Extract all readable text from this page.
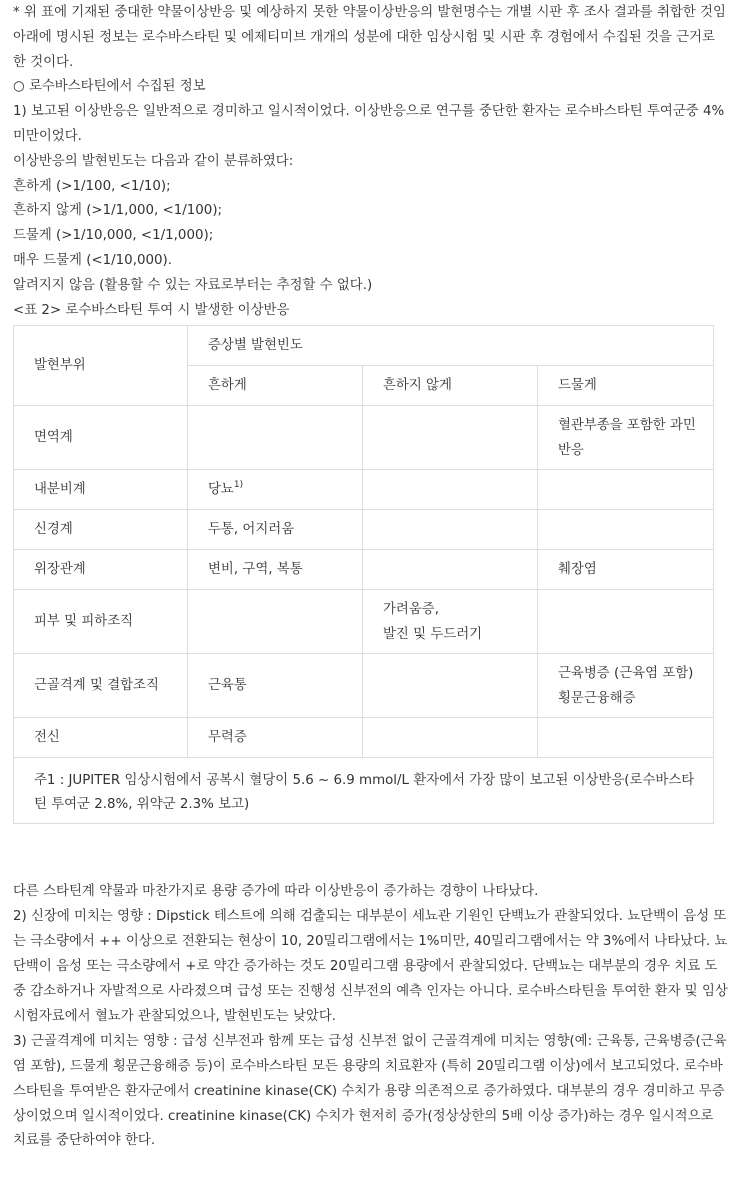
* 위 표에 기재된 중대한 약물이상반응 및 예상하지 못한 약물이상반응의 발현명수는 개별 시판 후 조사 결과를 취합한 것임

아래에 명시된 정보는 로수바스타틴 및 에제티미브 개개의 성분에 대한 임상시험 및 시판 후 경험에서 수집된 것을 근거로 한 것이다.

○ 로수바스타틴에서 수집된 정보

1) 보고된 이상반응은 일반적으로 경미하고 일시적이었다. 이상반응으로 연구를 중단한 환자는 로수바스타틴 투여군중 4% 미만이었다.

이상반응의 발현빈도는 다음과 같이 분류하였다:

흔하게 (>1/100, <1/10);

흔하지 않게 (>1/1,000, <1/100);

드물게 (>1/10,000, <1/1,000);

매우 드물게 (<1/10,000).

알려지지 않음 (활용할 수 있는 자료로부터는 추정할 수 없다.)

<표 2> 로수바스타틴 투여 시 발생한 이상반응

발현부위	증상별 발현빈도		
	흔하게	흔하지 않게	드물게
면역계			혈관부종을 포함한 과민반응
내분비계	당뇨$^{1)}$		
신경계	두통, 어지러움		
위장관계	변비, 구역, 복통		췌장염
피부 및 피하조직		가려움증,
발진 및 두드러기	
근골격계 및 결합조직	근육통		근육병증 (근육염 포함)
횡문근융해증
전신	무력증		
주1 : JUPITER 임상시험에서 공복시 혈당이 5.6 ~ 6.9 mmol/L 환자에서 가장 많이 보고된 이상반응(로수바스타틴 투여군 2.8%, 위약군 2.3% 보고)			

다른 스타틴계 약물과 마찬가지로 용량 증가에 따라 이상반응이 증가하는 경향이 나타났다.

2) 신장에 미치는 영향 : Dipstick 테스트에 의해 검출되는 대부분이 세뇨관 기원인 단백뇨가 관찰되었다. 뇨단백이 음성 또는 극소량에서 ++ 이상으로 전환되는 현상이 10, 20밀리그램에서는 1%미만, 40밀리그램에서는 약 3%에서 나타났다. 뇨단백이 음성 또는 극소량에서 +로 약간 증가하는 것도 20밀리그램 용량에서 관찰되었다. 단백뇨는 대부분의 경우 치료 도중 감소하거나 자발적으로 사라졌으며 급성 또는 진행성 신부전의 예측 인자는 아니다. 로수바스타틴을 투여한 환자 및 임상시험자료에서 혈뇨가 관찰되었으나, 발현빈도는 낮았다.

3) 근골격계에 미치는 영향 : 급성 신부전과 함께 또는 급성 신부전 없이 근골격계에 미치는 영향(예: 근육통, 근육병증(근육염 포함), 드물게 횡문근융해증 등)이 로수바스타틴 모든 용량의 치료환자 (특히 20밀리그램 이상)에서 보고되었다. 로수바스타틴을 투여받은 환자군에서 creatinine kinase(CK) 수치가 용량 의존적으로 증가하였다. 대부분의 경우 경미하고 무증상이었으며 일시적이었다. creatinine kinase(CK) 수치가 현저히 증가(정상상한의 5배 이상 증가)하는 경우 일시적으로 치료를 중단하여야 한다.
